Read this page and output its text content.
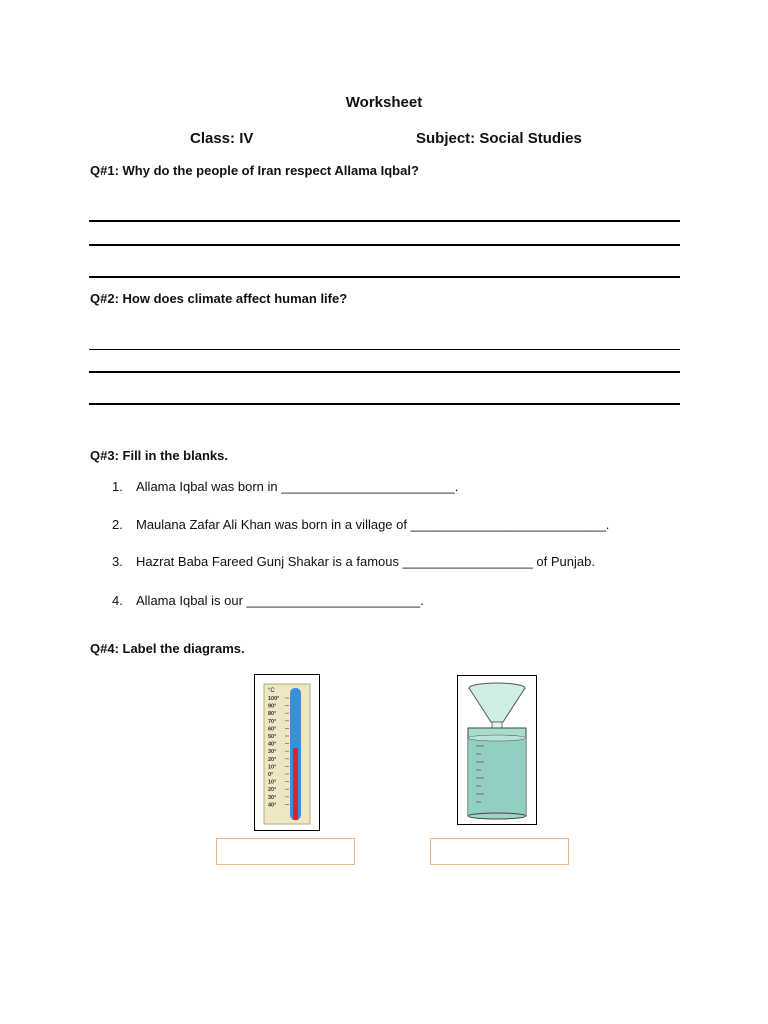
Worksheet
Class: IV	Subject: Social Studies
Q#1: Why do the people of Iran respect Allama Iqbal?
Q#2: How does climate affect human life?
Q#3: Fill in the blanks.
1. Allama Iqbal was born in ________________________.
2. Maulana Zafar Ali Khan was born in a village of ___________________________.
3. Hazrat Baba Fareed Gunj Shakar is a famous __________________ of Punjab.
4. Allama Iqbal is our ________________________.
Q#4: Label the diagrams.
°C
100°
90°
80°
70°
60°
50°
40°
30°
20°
10°
0°
10°
20°
30°
40°
